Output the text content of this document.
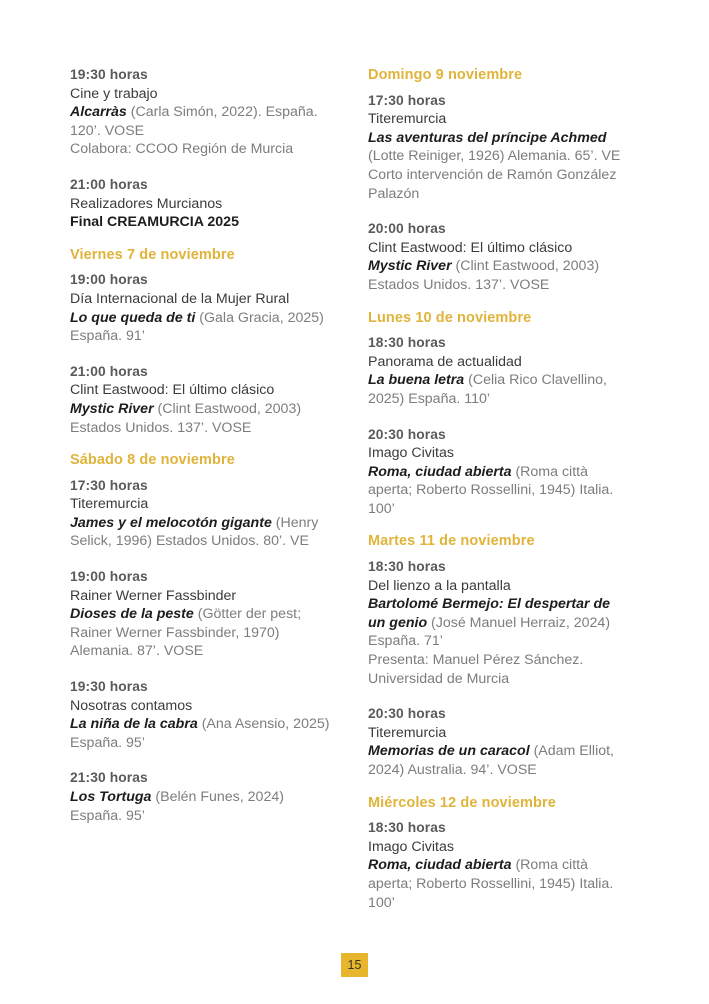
19:30 horas
Cine y trabajo
Alcarràs (Carla Simón, 2022). España. 120’. VOSE
Colabora: CCOO Región de Murcia
21:00 horas
Realizadores Murcianos
Final CREAMURCIA 2025
Viernes 7 de noviembre
19:00 horas
Día Internacional de la Mujer Rural
Lo que queda de ti (Gala Gracia, 2025) España. 91’
21:00 horas
Clint Eastwood: El último clásico
Mystic River (Clint Eastwood, 2003) Estados Unidos. 137’. VOSE
Sábado 8 de noviembre
17:30 horas
Titeremurcia
James y el melocotón gigante (Henry Selick, 1996) Estados Unidos. 80’. VE
19:00 horas
Rainer Werner Fassbinder
Dioses de la peste (Götter der pest; Rainer Werner Fassbinder, 1970) Alemania. 87’. VOSE
19:30 horas
Nosotras contamos
La niña de la cabra (Ana Asensio, 2025) España. 95’
21:30 horas
Los Tortuga (Belén Funes, 2024) España. 95’
Domingo 9 noviembre
17:30 horas
Titeremurcia
Las aventuras del príncipe Achmed (Lotte Reiniger, 1926) Alemania. 65’. VE
Corto intervención de Ramón González Palazón
20:00 horas
Clint Eastwood: El último clásico
Mystic River (Clint Eastwood, 2003) Estados Unidos. 137’. VOSE
Lunes 10 de noviembre
18:30 horas
Panorama de actualidad
La buena letra (Celia Rico Clavellino, 2025) España. 110’
20:30 horas
Imago Civitas
Roma, ciudad abierta (Roma città aperta; Roberto Rossellini, 1945) Italia. 100’
Martes 11 de noviembre
18:30 horas
Del lienzo a la pantalla
Bartolomé Bermejo: El despertar de un genio (José Manuel Herraiz, 2024) España. 71’
Presenta: Manuel Pérez Sánchez. Universidad de Murcia
20:30 horas
Titeremurcia
Memorias de un caracol (Adam Elliot, 2024) Australia. 94’. VOSE
Miércoles 12 de noviembre
18:30 horas
Imago Civitas
Roma, ciudad abierta (Roma città aperta; Roberto Rossellini, 1945) Italia. 100’
15
